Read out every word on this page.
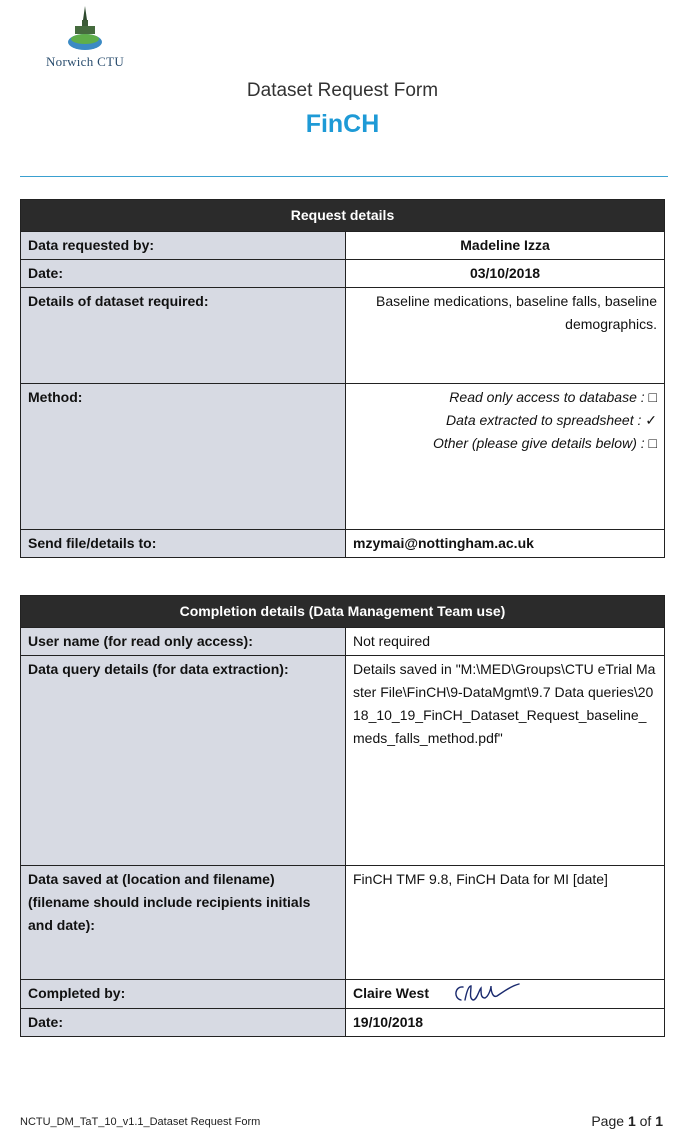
Norwich CTU
Dataset Request Form
FinCH
Request details	
Data requested by:	Madeline Izza
Date:	03/10/2018
Details of dataset required:	Baseline medications, baseline falls, baseline demographics.
Method:	Read only access to database : □
Data extracted to spreadsheet : ✓
Other (please give details below) : □

Send file/details to:	mzymai@nottingham.ac.uk
Completion details (Data Management Team use)	
User name (for read only access):	Not required
Data query details (for data extraction):	Details saved in "M:\MED\Groups\CTU eTrial Master File\FinCH\9-DataMgmt\9.7 Data queries\2018_10_19_FinCH_Dataset_Request_baseline_meds_falls_method.pdf"
Data saved at (location and filename) (filename should include recipients initials and date):	FinCH TMF 9.8, FinCH Data for MI [date]
Completed by:	Claire West
Date:	19/10/2018
NCTU_DM_TaT_10_v1.1_Dataset Request Form	Page 1 of 1
